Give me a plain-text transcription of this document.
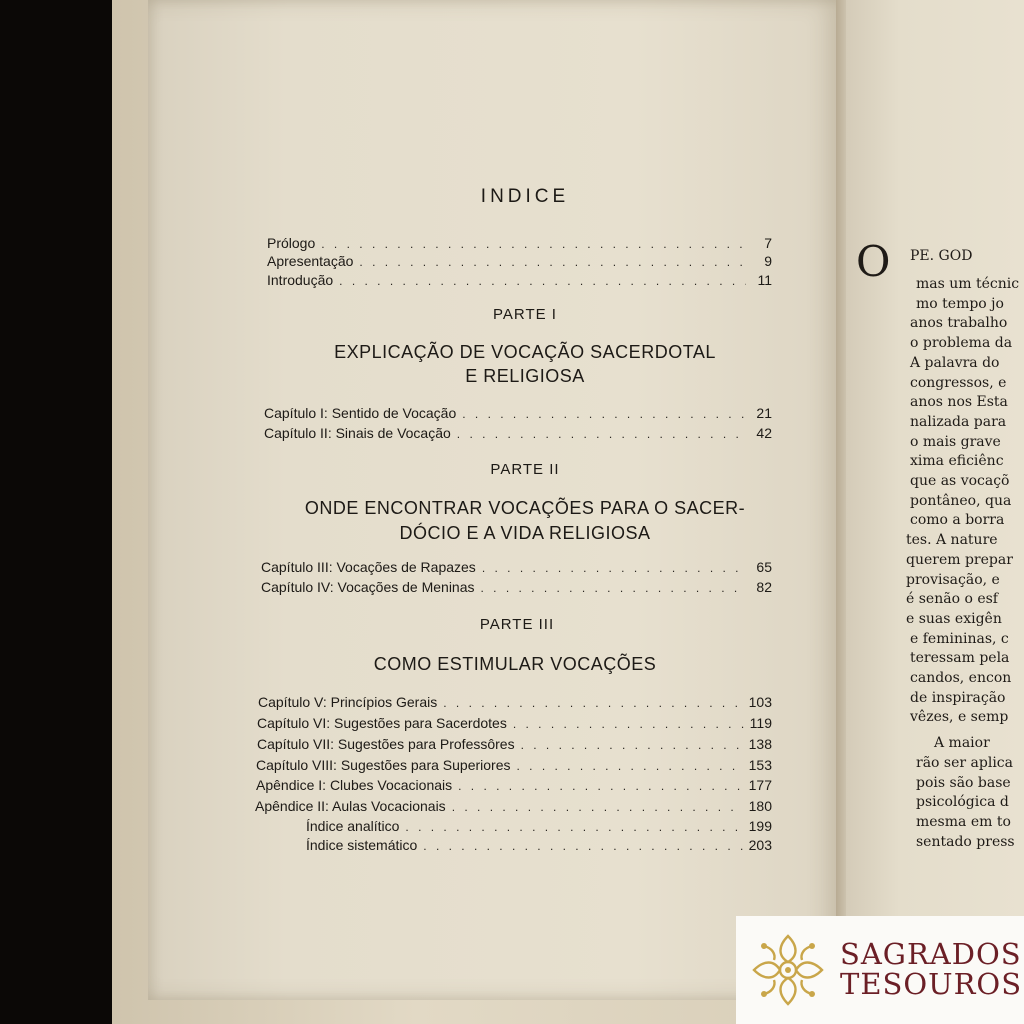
INDICE
Prólogo . . .	7
Apresentação . . .	9
Introdução . . .	11
PARTE I
EXPLICAÇÃO DE VOCAÇÃO SACERDOTAL
E RELIGIOSA
Capítulo I: Sentido de Vocação . . .	21
Capítulo II: Sinais de Vocação . . .	42
PARTE II
ONDE ENCONTRAR VOCAÇÕES PARA O SACER-
DÓCIO E A VIDA RELIGIOSA
Capítulo III: Vocações de Rapazes . . .	65
Capítulo IV: Vocações de Meninas . . .	82
PARTE III
COMO ESTIMULAR VOCAÇÕES
Capítulo V: Princípios Gerais . . .	103
Capítulo VI: Sugestões para Sacerdotes . . .	119
Capítulo VII: Sugestões para Professôres . . .	138
Capítulo VIII: Sugestões para Superiores . . .	153
Apêndice I: Clubes Vocacionais . . .	177
Apêndice II: Aulas Vocacionais . . .	180
Índice analítico . . .	199
Índice sistemático . . .	203
O PE. GOD
mas um técnic
mo tempo jo
anos trabalho
o problema da
A palavra do
congressos, e
anos nos Esta
nalizada para
o mais grave
xima eficiênc
que as vocaçõ
pontâneo, qua
como a borra
tes. A nature
querem prepar
provisação, e
é senão o esf
e suas exigên
e femininas, c
teressam pela
candos, encon
de inspiração
vêzes, e semp
A maior
rão ser aplica
pois são base
psicológica d
mesma em to
sentado press
SAGRADOS
TESOUROS
